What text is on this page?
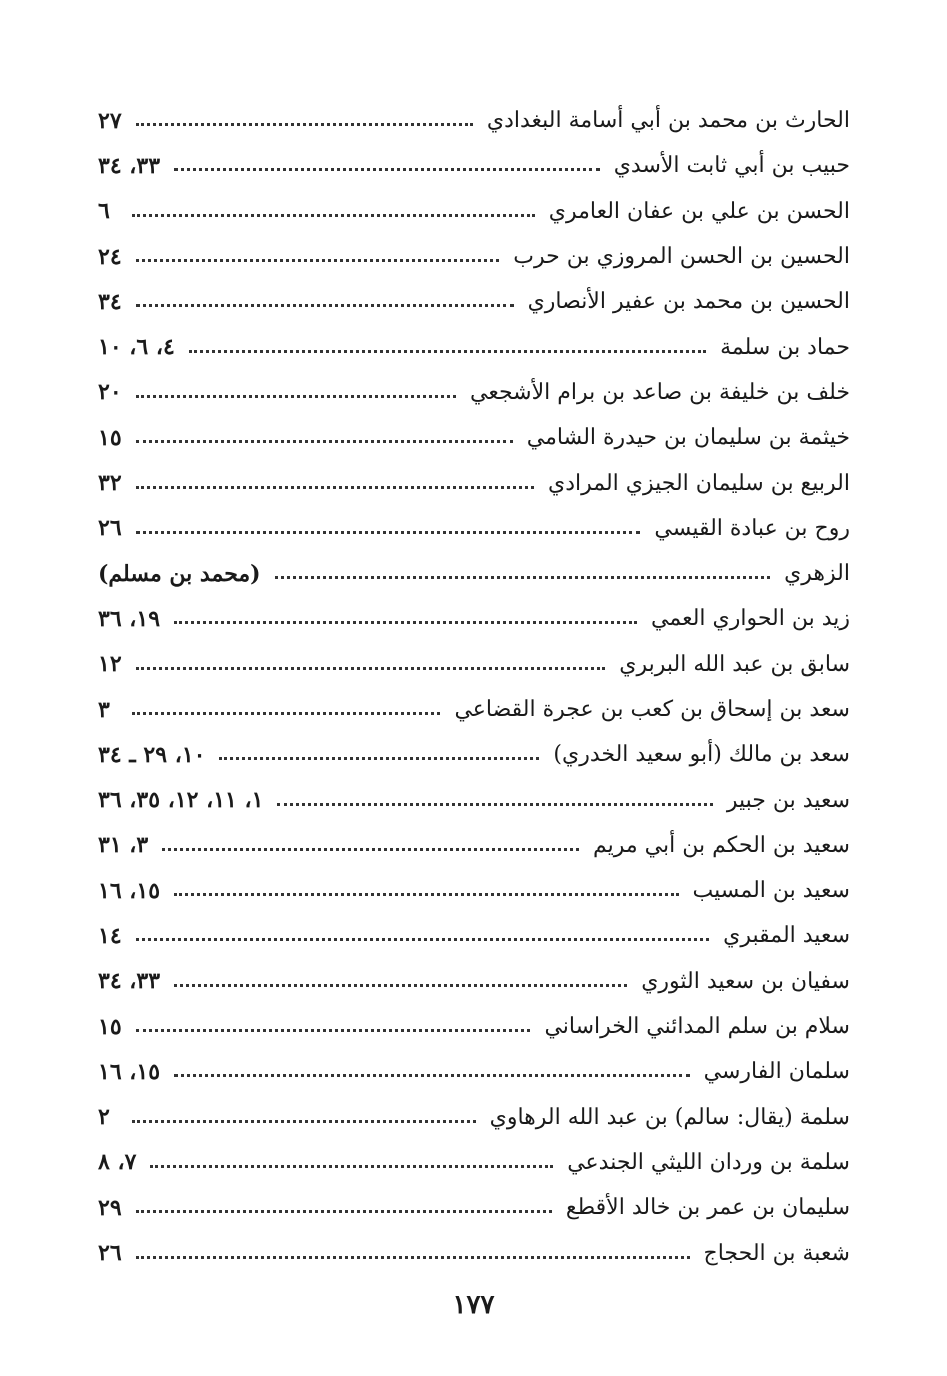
الحارث بن محمد بن أبي أسامة البغدادي
٢٧
حبيب بن أبي ثابت الأسدي
٣٣، ٣٤
الحسن بن علي بن عفان العامري
٦
الحسين بن الحسن المروزي بن حرب
٢٤
الحسين بن محمد بن عفير الأنصاري
٣٤
حماد بن سلمة
٤، ٦، ١٠
خلف بن خليفة بن صاعد بن برام الأشجعي
٢٠
خيثمة بن سليمان بن حيدرة الشامي
١٥
الربيع بن سليمان الجيزي المرادي
٣٢
روح بن عبادة القيسي
٢٦
الزهري
(محمد بن مسلم)
زيد بن الحواري العمي
١٩، ٣٦
سابق بن عبد الله البربري
١٢
سعد بن إسحاق بن كعب بن عجرة القضاعي
٣
سعد بن مالك (أبو سعيد الخدري)
١٠، ٢٩ ـ ٣٤
سعيد بن جبير
١، ١١، ١٢، ٣٥، ٣٦
سعيد بن الحكم بن أبي مريم
٣، ٣١
سعيد بن المسيب
١٥، ١٦
سعيد المقبري
١٤
سفيان بن سعيد الثوري
٣٣، ٣٤
سلام بن سلم المدائني الخراساني
١٥
سلمان الفارسي
١٥، ١٦
سلمة (يقال: سالم) بن عبد الله الرهاوي
٢
سلمة بن وردان الليثي الجندعي
٧، ٨
سليمان بن عمر بن خالد الأقطع
٢٩
شعبة بن الحجاج
٢٦
١٧٧
